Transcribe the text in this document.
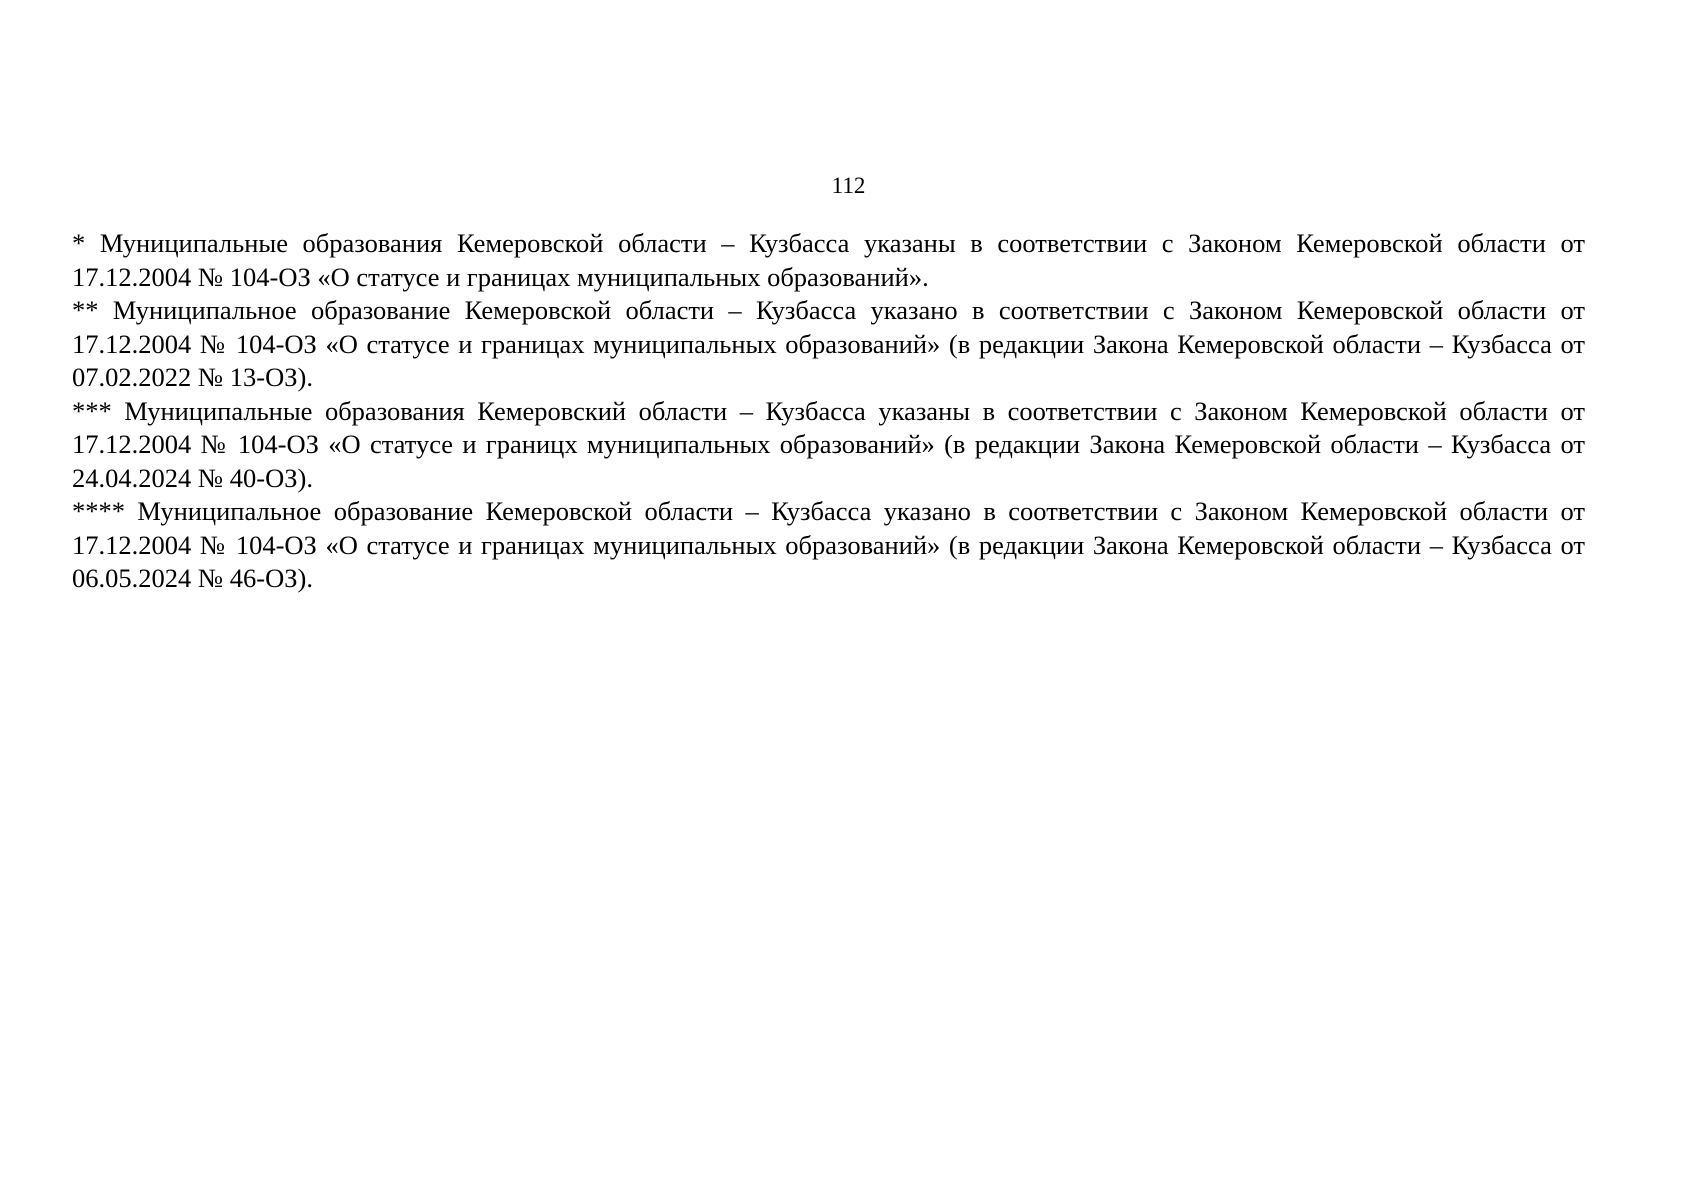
112

* Муниципальные образования Кемеровской области – Кузбасса указаны в соответствии с Законом Кемеровской области от 17.12.2004 № 104-ОЗ «О статусе и границах муниципальных образований».

** Муниципальное образование Кемеровской области – Кузбасса указано в соответствии с Законом Кемеровской области от 17.12.2004 № 104-ОЗ «О статусе и границах муниципальных образований» (в редакции Закона Кемеровской области – Кузбасса от 07.02.2022 № 13-ОЗ).

*** Муниципальные образования Кемеровский области – Кузбасса указаны в соответствии с Законом Кемеровской области от 17.12.2004 № 104-ОЗ «О статусе и границх муниципальных образований» (в редакции Закона Кемеровской области – Кузбасса от 24.04.2024 № 40-ОЗ).

**** Муниципальное образование Кемеровской области – Кузбасса указано в соответствии с Законом Кемеровской области от 17.12.2004 № 104-ОЗ «О статусе и границах муниципальных образований» (в редакции Закона Кемеровской области – Кузбасса от 06.05.2024 № 46-ОЗ).
